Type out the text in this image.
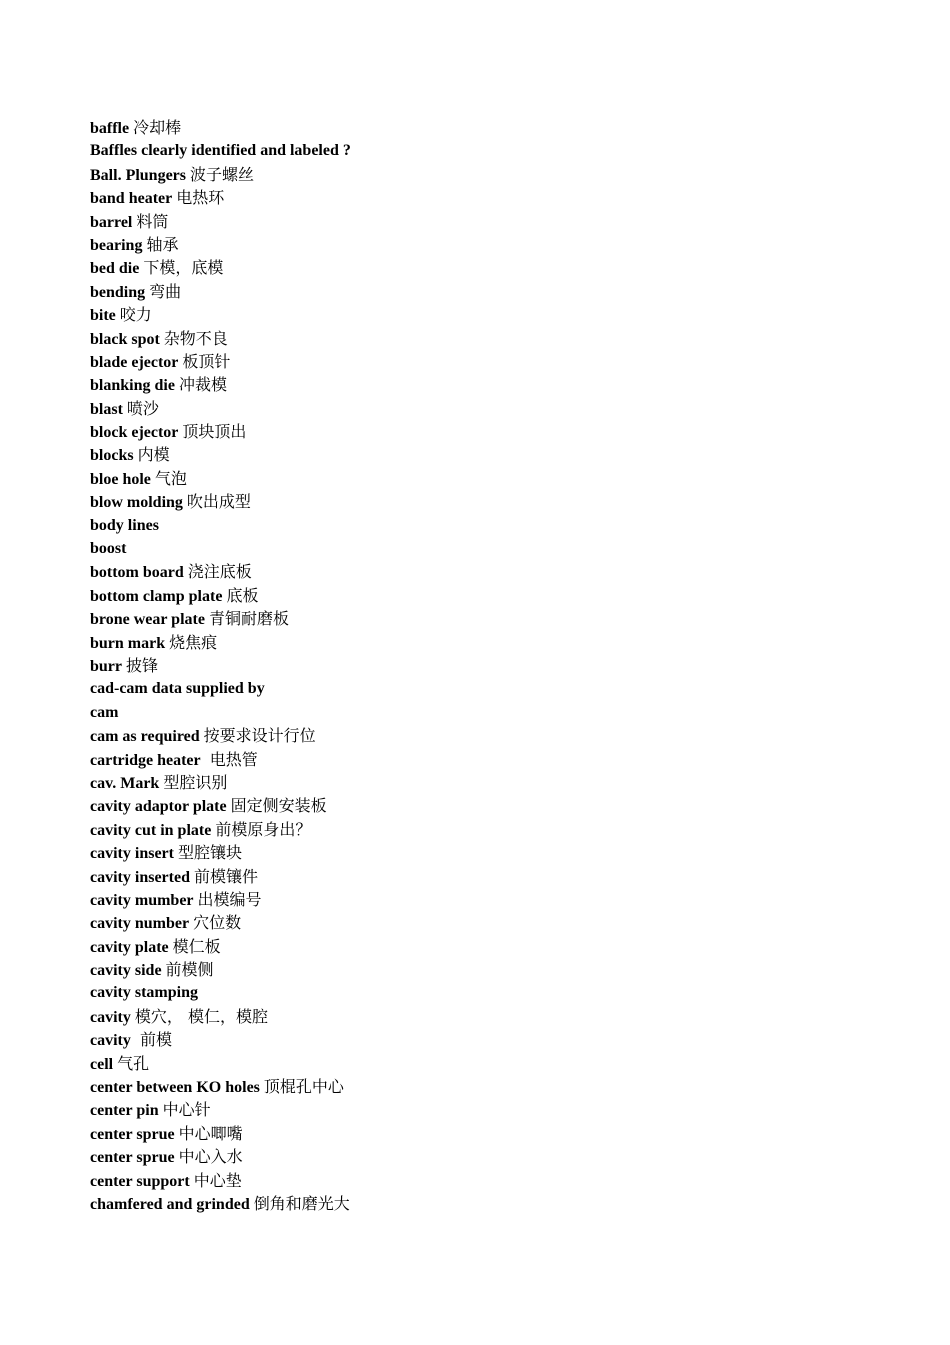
baffle 冷却棒
Baffles clearly identified and labeled ?
Ball. Plungers 波子螺丝
band heater 电热环
barrel 料筒
bearing 轴承
bed die 下模，底模
bending 弯曲
bite 咬力
black spot 杂物不良
blade ejector 板顶针
blanking die 冲裁模
blast 喷沙
block ejector 顶块顶出
blocks 内模
bloe hole 气泡
blow molding 吹出成型
body lines
boost
bottom board 浇注底板
bottom clamp plate 底板
brone wear plate 青铜耐磨板
burn mark 烧焦痕
burr 披锋
cad-cam data supplied by
cam
cam as required 按要求设计行位
cartridge heater  电热管
cav. Mark 型腔识别
cavity adaptor plate 固定侧安装板
cavity cut in plate 前模原身出？
cavity insert 型腔镶块
cavity inserted 前模镶件
cavity mumber 出模编号
cavity number 穴位数
cavity plate 模仁板
cavity side 前模侧
cavity stamping
cavity 模穴， 模仁，模腔
cavity  前模
cell 气孔
center between KO holes 顶棍孔中心
center pin 中心针
center sprue 中心唧嘴
center sprue 中心入水
center support 中心垫
chamfered and grinded 倒角和磨光大
